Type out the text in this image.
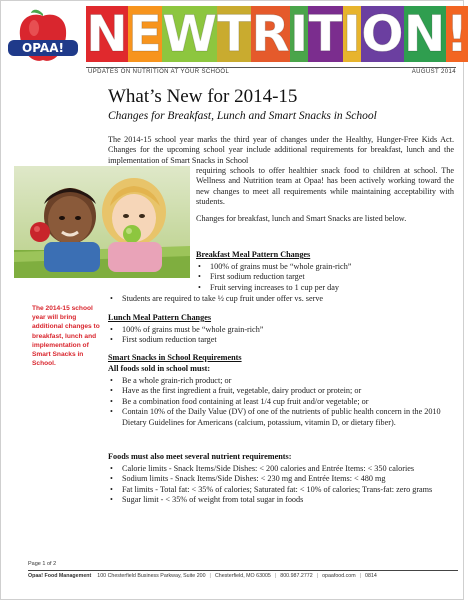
OPAA! N E W T R I T I O N !
UPDATES ON NUTRITION AT YOUR SCHOOL	AUGUST 2014
What’s New for 2014-15
Changes for Breakfast, Lunch and Smart Snacks in School
The 2014-15 school year marks the third year of changes under the Healthy, Hunger-Free Kids Act. Changes for the upcoming school year include additional requirements for breakfast, lunch and the implementation of Smart Snacks in School
requiring schools to offer healthier snack food to children at school. The Wellness and Nutrition team at Opaa! has been actively working toward the new changes to meet all requirements while maintaining acceptability with students.
Changes for breakfast, lunch and Smart Snacks are listed below.
The 2014-15 school year will bring additional changes to breakfast, lunch and implementation of Smart Snacks in School.
Breakfast Meal Pattern Changes
• 100% of grains must be “whole grain-rich”
• First sodium reduction target
• Fruit serving increases to 1 cup per day
• Students are required to take ½ cup fruit under offer vs. serve
Lunch Meal Pattern Changes
• 100% of grains must be “whole grain-rich”
• First sodium reduction target
Smart Snacks in School Requirements
All foods sold in school must:
• Be a whole grain-rich product; or
• Have as the first ingredient a fruit, vegetable, dairy product or protein; or
• Be a combination food containing at least 1/4 cup fruit and/or vegetable; or
• Contain 10% of the Daily Value (DV) of one of the nutrients of public health concern in the 2010 Dietary Guidelines for Americans (calcium, potassium, vitamin D, or dietary fiber).
Foods must also meet several nutrient requirements:
• Calorie limits - Snack Items/Side Dishes: < 200 calories and Entrée Items: < 350 calories
• Sodium limits - Snack Items/Side Dishes: < 230 mg and Entrée Items: < 480 mg
• Fat limits - Total fat: < 35% of calories; Saturated fat: < 10% of calories; Trans-fat: zero grams
• Sugar limit - < 35% of weight from total sugar in foods
Page 1 of 2
Opaa! Food Management 100 Chesterfield Business Parkway, Suite 200 | Chesterfield, MO 63005 | 800.987.2772 | opaafood.com | 0814
